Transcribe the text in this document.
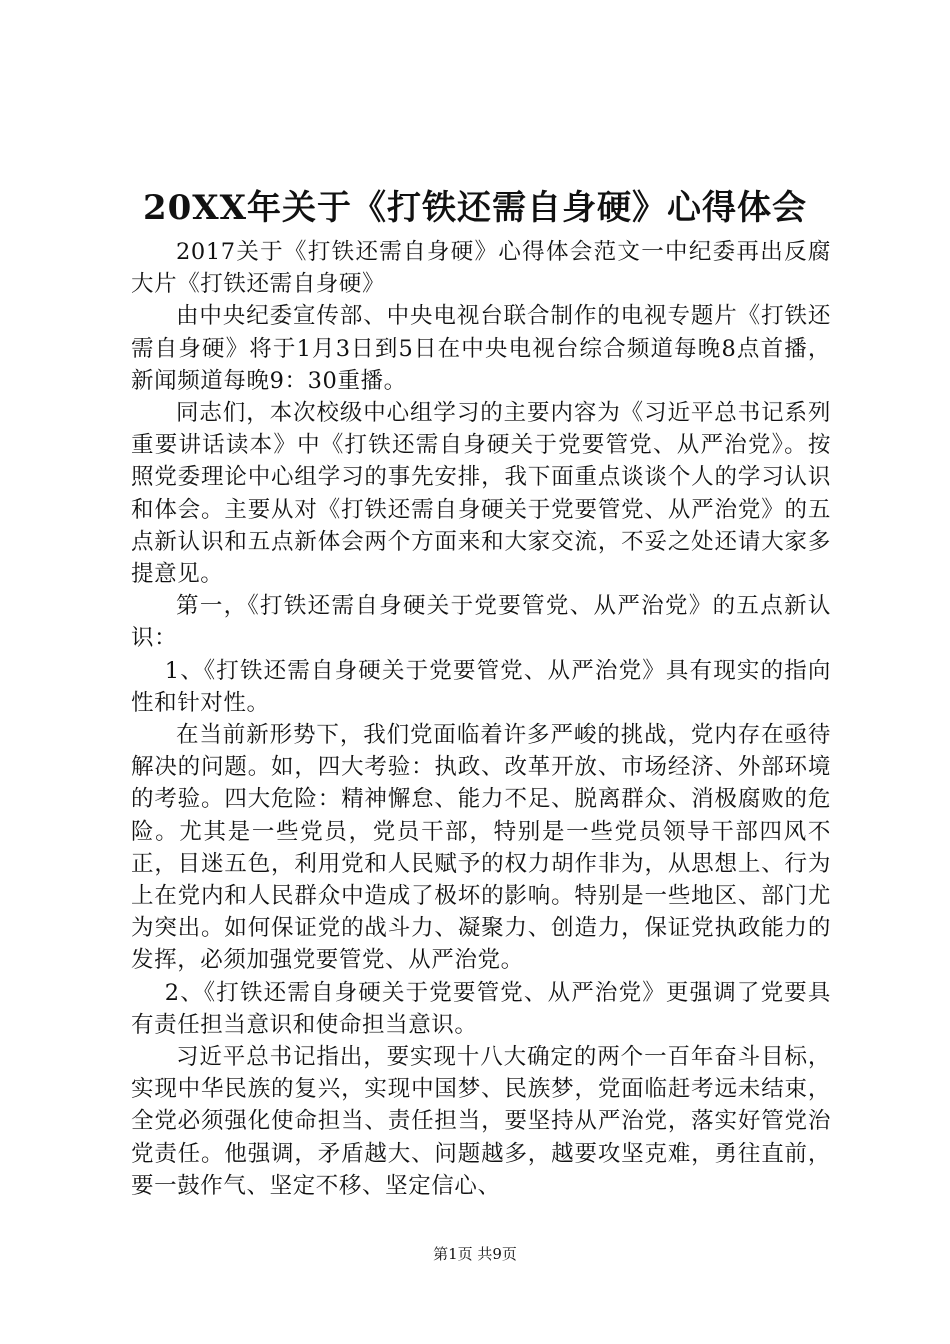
20XX年关于《打铁还需自身硬》心得体会

2017关于《打铁还需自身硬》心得体会范文一中纪委再出反腐大片《打铁还需自身硬》

由中央纪委宣传部、中央电视台联合制作的电视专题片《打铁还需自身硬》将于1月3日到5日在中央电视台综合频道每晚8点首播，新闻频道每晚9：30重播。

同志们，本次校级中心组学习的主要内容为《习近平总书记系列重要讲话读本》中《打铁还需自身硬关于党要管党、从严治党》。按照党委理论中心组学习的事先安排，我下面重点谈谈个人的学习认识和体会。主要从对《打铁还需自身硬关于党要管党、从严治党》的五点新认识和五点新体会两个方面来和大家交流，不妥之处还请大家多提意见。

第一，《打铁还需自身硬关于党要管党、从严治党》的五点新认识：

1、《打铁还需自身硬关于党要管党、从严治党》具有现实的指向性和针对性。

在当前新形势下，我们党面临着许多严峻的挑战，党内存在亟待解决的问题。如，四大考验：执政、改革开放、市场经济、外部环境的考验。四大危险：精神懈怠、能力不足、脱离群众、消极腐败的危险。尤其是一些党员，党员干部，特别是一些党员领导干部四风不正，目迷五色，利用党和人民赋予的权力胡作非为，从思想上、行为上在党内和人民群众中造成了极坏的影响。特别是一些地区、部门尤为突出。如何保证党的战斗力、凝聚力、创造力，保证党执政能力的发挥，必须加强党要管党、从严治党。

2、《打铁还需自身硬关于党要管党、从严治党》更强调了党要具有责任担当意识和使命担当意识。

习近平总书记指出，要实现十八大确定的两个一百年奋斗目标，实现中华民族的复兴，实现中国梦、民族梦，党面临赶考远未结束，全党必须强化使命担当、责任担当，要坚持从严治党，落实好管党治党责任。他强调，矛盾越大、问题越多，越要攻坚克难，勇往直前，要一鼓作气、坚定不移、坚定信心、

第1页 共9页
